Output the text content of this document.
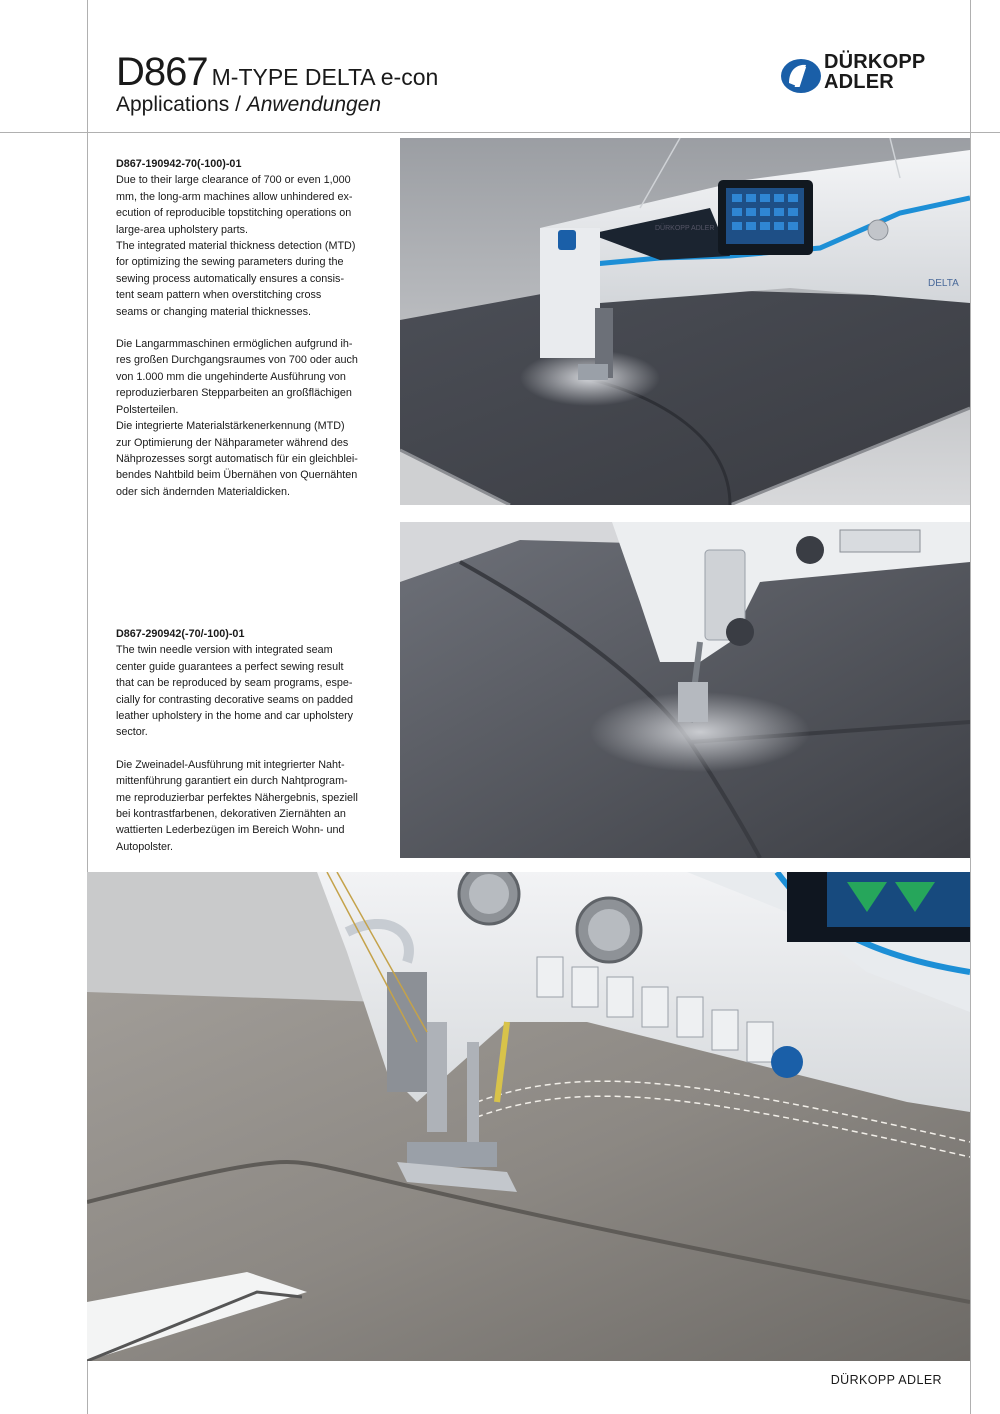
D867 M-TYPE DELTA e-con
Applications / Anwendungen
DÜRKOPP
ADLER

D867-190942-70(-100)-01

Due to their large clearance of 700 or even 1,000

mm, the long-arm machines allow unhindered ex-

ecution of reproducible topstitching operations on

large-area upholstery parts.

The integrated material thickness detection (MTD)

for optimizing the sewing parameters during the

sewing process automatically ensures a consis-

tent seam pattern when overstitching cross

seams or changing material thicknesses.

Die Langarmmaschinen ermöglichen aufgrund ih-

res großen Durchgangsraumes von 700 oder auch

von 1.000 mm die ungehinderte Ausführung von

reproduzierbaren Stepparbeiten an großflächigen

Polsterteilen.

Die integrierte Materialstärkenerkennung (MTD)

zur Optimierung der Nähparameter während des

Nähprozesses sorgt automatisch für ein gleichblei-

bendes Nahtbild beim Übernähen von Quernähten

oder sich ändernden Materialdicken.

D867-290942(-70/-100)-01

The twin needle version with integrated seam

center guide guarantees a perfect sewing result

that can be reproduced by seam programs, espe-

cially for contrasting decorative seams on padded

leather upholstery in the home and car upholstery

sector.

Die Zweinadel-Ausführung mit integrierter Naht-

mittenführung garantiert ein durch Nahtprogram-

me reproduzierbar perfektes Nähergebnis, speziell

bei kontrastfarbenen, dekorativen Ziernähten an

wattierten Lederbezügen im Bereich Wohn- und

Autopolster.

DÜRKOPP ADLER
DELTA
DÜRKOPP ADLER
